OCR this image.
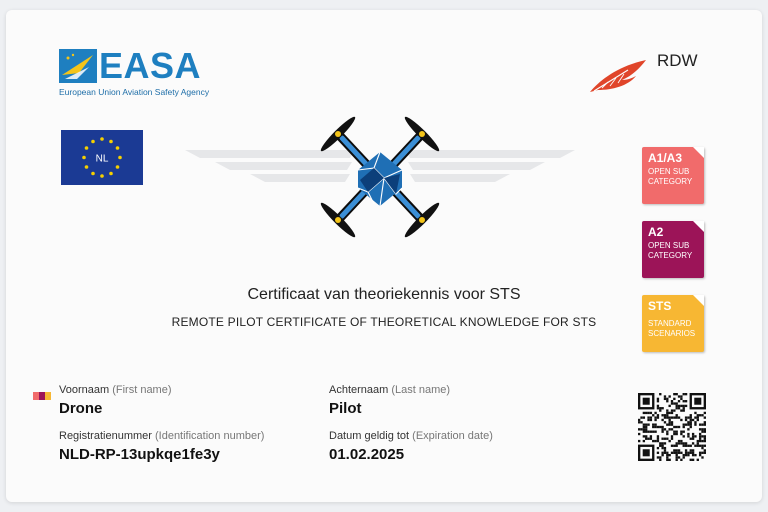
EASA
European Union Aviation Safety Agency
RDW
NL
Certificaat van theoriekennis voor STS
REMOTE PILOT CERTIFICATE OF THEORETICAL KNOWLEDGE FOR STS
A1/A3
OPEN SUB CATEGORY
A2
OPEN SUB CATEGORY
STS
STANDARD SCENARIOS
Voornaam (First name)
Drone
Achternaam (Last name)
Pilot
Registratienummer (Identification number)
NLD-RP-13upkqe1fe3y
Datum geldig tot (Expiration date)
01.02.2025
